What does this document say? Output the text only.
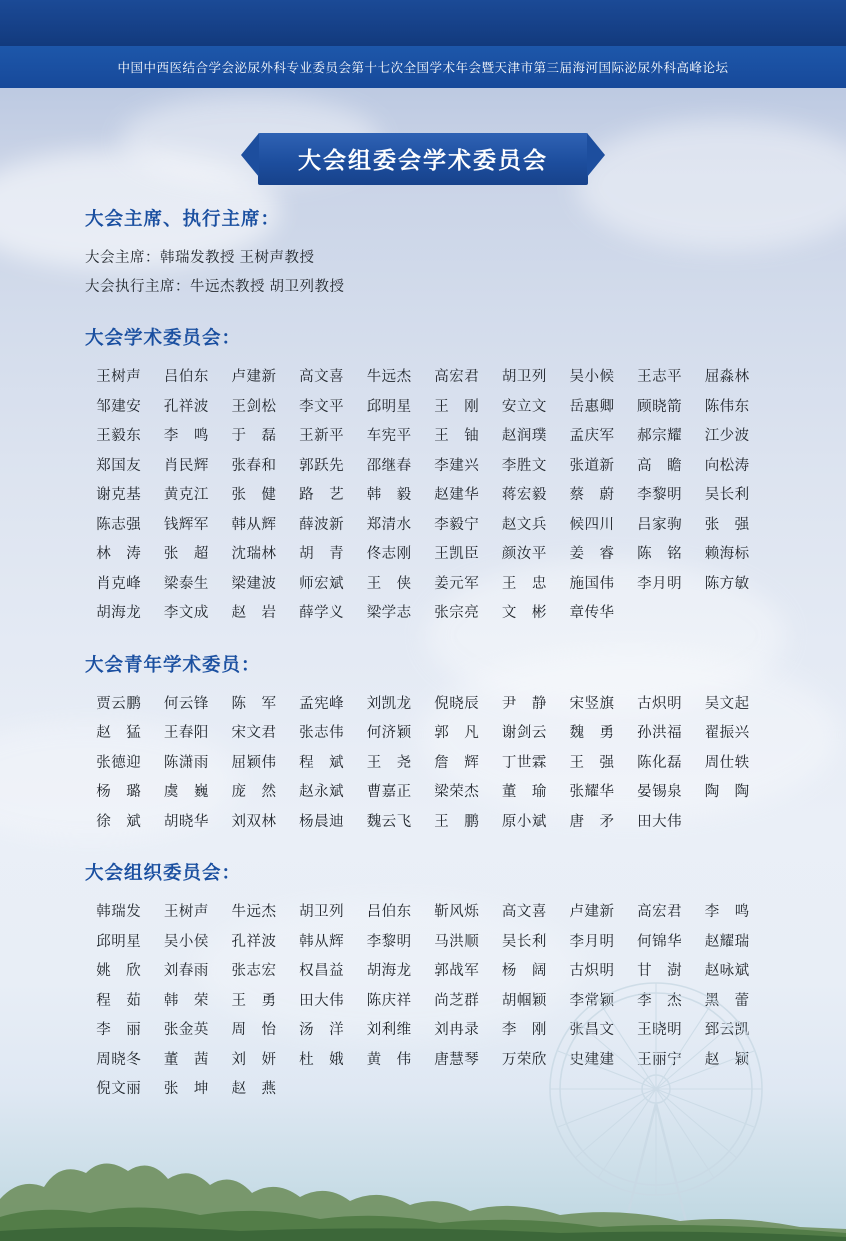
中国中西医结合学会泌尿外科专业委员会第十七次全国学术年会暨天津市第三届海河国际泌尿外科高峰论坛
大会组委会学术委员会
大会主席、执行主席：
大会主席：韩瑞发教授 王树声教授
大会执行主席：牛远杰教授 胡卫列教授
大会学术委员会：
王树声	吕伯东	卢建新	高文喜	牛远杰	高宏君	胡卫列	吴小候	王志平	屈淼林
邹建安	孔祥波	王剑松	李文平	邱明星	王　刚	安立文	岳惠卿	顾晓箭	陈伟东
王毅东	李　鸣	于　磊	王新平	车宪平	王　铀	赵润璞	孟庆军	郝宗耀	江少波
郑国友	肖民辉	张春和	郭跃先	邵继春	李建兴	李胜文	张道新	高　瞻	向松涛
谢克基	黄克江	张　健	路　艺	韩　毅	赵建华	蒋宏毅	蔡　蔚	李黎明	吴长利
陈志强	钱辉军	韩从辉	薛波新	郑清水	李毅宁	赵文兵	候四川	吕家驹	张　强
林　涛	张　超	沈瑞林	胡　青	佟志刚	王凯臣	颜汝平	姜　睿	陈　铭	赖海标
肖克峰	梁泰生	梁建波	师宏斌	王　侠	姜元军	王　忠	施国伟	李月明	陈方敏
胡海龙	李文成	赵　岩	薛学义	梁学志	张宗亮	文　彬	章传华
大会青年学术委员：
贾云鹏	何云锋	陈　军	孟宪峰	刘凯龙	倪晓辰	尹　静	宋竖旗	古炽明	吴文起
赵　猛	王春阳	宋文君	张志伟	何济颖	郭　凡	谢剑云	魏　勇	孙洪福	翟振兴
张德迎	陈潇雨	屈颖伟	程　斌	王　尧	詹　辉	丁世霖	王　强	陈化磊	周仕轶
杨　璐	虞　巍	庞　然	赵永斌	曹嘉正	梁荣杰	董　瑜	张耀华	晏锡泉	陶　陶
徐　斌	胡晓华	刘双林	杨晨迪	魏云飞	王　鹏	原小斌	唐　矛	田大伟
大会组织委员会：
韩瑞发	王树声	牛远杰	胡卫列	吕伯东	靳风烁	高文喜	卢建新	高宏君	李　鸣
邱明星	吴小侯	孔祥波	韩从辉	李黎明	马洪顺	吴长利	李月明	何锦华	赵耀瑞
姚　欣	刘春雨	张志宏	权昌益	胡海龙	郭战军	杨　阔	古炽明	甘　澍	赵咏斌
程　茹	韩　荣	王　勇	田大伟	陈庆祥	尚芝群	胡帼颖	李常颖	李　杰	黑　蕾
李　丽	张金英	周　怡	汤　洋	刘利维	刘冉录	李　刚	张昌文	王晓明	郅云凯
周晓冬	董　茜	刘　妍	杜　娥	黄　伟	唐慧琴	万荣欣	史建建	王丽宁	赵　颖
倪文丽	张　坤	赵　燕
